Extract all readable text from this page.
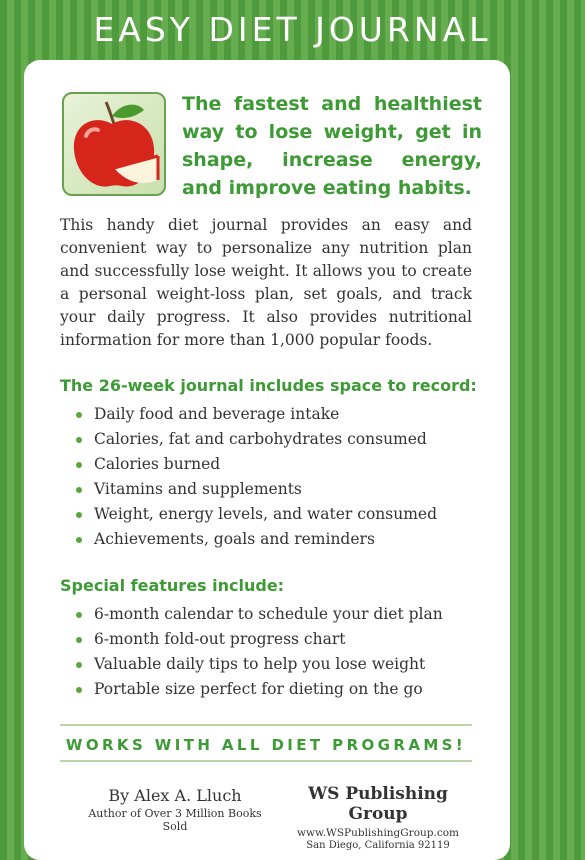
EASY DIET JOURNAL
The fastest and healthiest way to lose weight, get in shape, increase energy, and improve eating habits.
This handy diet journal provides an easy and convenient way to personalize any nutrition plan and successfully lose weight. It allows you to create a personal weight-loss plan, set goals, and track your daily progress. It also provides nutritional information for more than 1,000 popular foods.
The 26-week journal includes space to record:
Daily food and beverage intake
Calories, fat and carbohydrates consumed
Calories burned
Vitamins and supplements
Weight, energy levels, and water consumed
Achievements, goals and reminders
Special features include:
6-month calendar to schedule your diet plan
6-month fold-out progress chart
Valuable daily tips to help you lose weight
Portable size perfect for dieting on the go
WORKS WITH ALL DIET PROGRAMS!
By Alex A. Lluch
Author of Over 3 Million Books Sold
WS Publishing Group
www.WSPublishingGroup.com
San Diego, California 92119
